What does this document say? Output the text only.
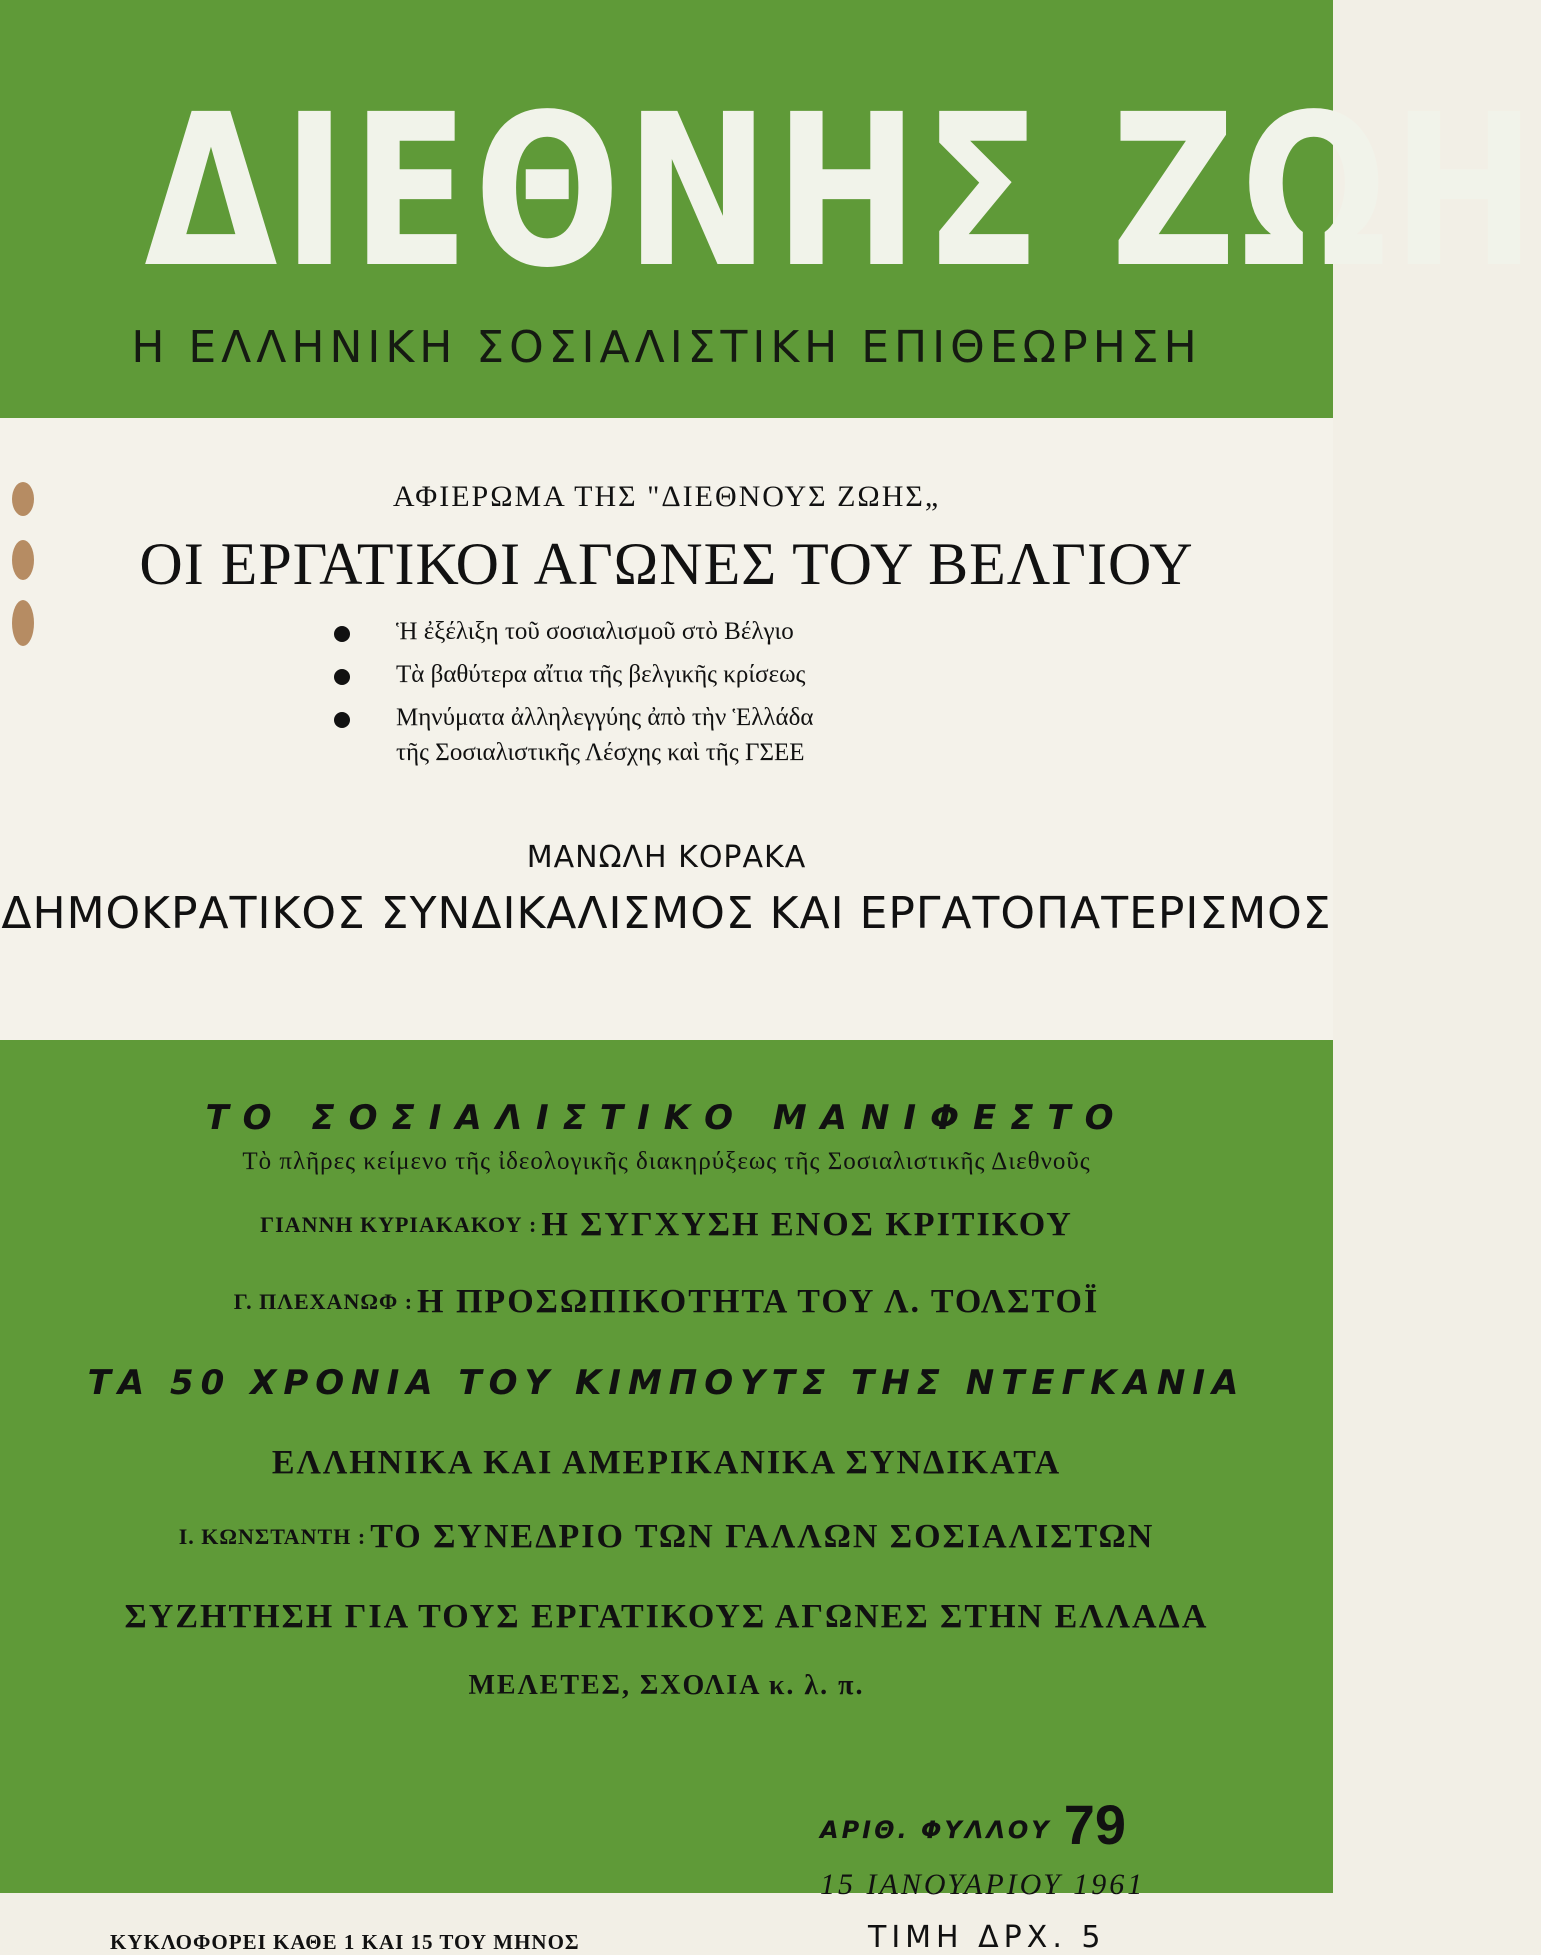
ΔΙΕΘΝΗΣ ΖΩΗ
Η ΕΛΛΗΝΙΚΗ ΣΟΣΙΑΛΙΣΤΙΚΗ ΕΠΙΘΕΩΡΗΣΗ
ΑΦΙΕΡΩΜΑ ΤΗΣ "ΔΙΕΘΝΟΥΣ ΖΩΗΣ„
ΟΙ ΕΡΓΑΤΙΚΟΙ ΑΓΩΝΕΣ ΤΟΥ ΒΕΛΓΙΟΥ
Ἡ ἐξέλιξη τοῦ σοσιαλισμοῦ στὸ Βέλγιο
Τὰ βαθύτερα αἴτια τῆς βελγικῆς κρίσεως
Μηνύματα ἀλληλεγγύης ἀπὸ τὴν Ἑλλάδα
τῆς Σοσιαλιστικῆς Λέσχης καὶ τῆς ΓΣΕΕ
ΜΑΝΩΛΗ ΚΟΡΑΚΑ
ΔΗΜΟΚΡΑΤΙΚΟΣ ΣΥΝΔΙΚΑΛΙΣΜΟΣ ΚΑΙ ΕΡΓΑΤΟΠΑΤΕΡΙΣΜΟΣ
ΤΟ ΣΟΣΙΑΛΙΣΤΙΚΟ ΜΑΝΙΦΕΣΤΟ
Τὸ πλῆρες κείμενο τῆς ἰδεολογικῆς διακηρύξεως τῆς Σοσιαλιστικῆς Διεθνοῦς
ΓΙΑΝΝΗ ΚΥΡΙΑΚΑΚΟΥ : Η ΣΥΓΧΥΣΗ ΕΝΟΣ ΚΡΙΤΙΚΟΥ
Γ. ΠΛΕΧΑΝΩΦ : Η ΠΡΟΣΩΠΙΚΟΤΗΤΑ ΤΟΥ Λ. ΤΟΛΣΤΟΪ
ΤΑ 50 ΧΡΟΝΙΑ ΤΟΥ ΚΙΜΠΟΥΤΣ ΤΗΣ ΝΤΕΓΚΑΝΙΑ
ΕΛΛΗΝΙΚΑ ΚΑΙ ΑΜΕΡΙΚΑΝΙΚΑ ΣΥΝΔΙΚΑΤΑ
Ι. ΚΩΝΣΤΑΝΤΗ : ΤΟ ΣΥΝΕΔΡΙΟ ΤΩΝ ΓΑΛΛΩΝ ΣΟΣΙΑΛΙΣΤΩΝ
ΣΥΖΗΤΗΣΗ ΓΙΑ ΤΟΥΣ ΕΡΓΑΤΙΚΟΥΣ ΑΓΩΝΕΣ ΣΤΗΝ ΕΛΛΑΔΑ
ΜΕΛΕΤΕΣ, ΣΧΟΛΙΑ κ. λ. π.
ΑΡΙΘ. ΦΥΛΛΟΥ 79
15 ΙΑΝΟΥΑΡΙΟΥ 1961
ΚΥΚΛΟΦΟΡΕΙ ΚΑΘΕ 1 ΚΑΙ 15 ΤΟΥ ΜΗΝΟΣ	ΤΙΜΗ ΔΡΧ. 5
